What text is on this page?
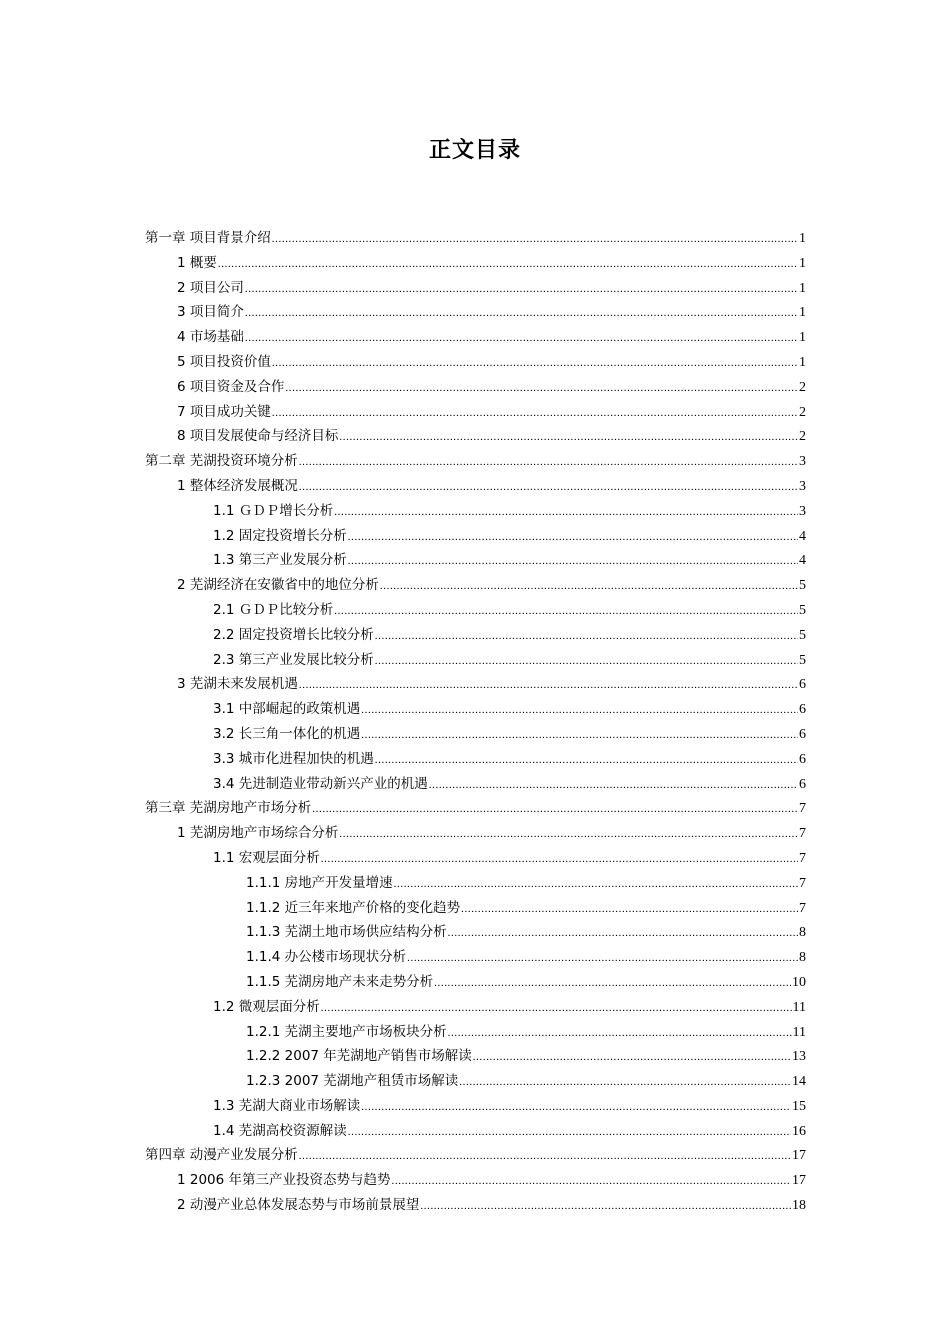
正文目录
第一章 项目背景介绍 .....	1
1 概要 .....	1
2 项目公司 .....	1
3 项目简介 .....	1
4 市场基础 .....	1
5 项目投资价值 .....	1
6 项目资金及合作 .....	2
7 项目成功关键 .....	2
8 项目发展使命与经济目标 .....	2
第二章 芜湖投资环境分析 .....	3
1 整体经济发展概况 .....	3
1.1 ＧＤＰ增长分析 .....	3
1.2 固定投资增长分析 .....	4
1.3 第三产业发展分析 .....	4
2 芜湖经济在安徽省中的地位分析 .....	5
2.1 ＧＤＰ比较分析 .....	5
2.2 固定投资增长比较分析 .....	5
2.3 第三产业发展比较分析 .....	5
3 芜湖未来发展机遇 .....	6
3.1 中部崛起的政策机遇 .....	6
3.2 长三角一体化的机遇 .....	6
3.3 城市化进程加快的机遇 .....	6
3.4 先进制造业带动新兴产业的机遇 .....	6
第三章 芜湖房地产市场分析 .....	7
1 芜湖房地产市场综合分析 .....	7
1.1 宏观层面分析 .....	7
1.1.1 房地产开发量增速 .....	7
1.1.2 近三年来地产价格的变化趋势 .....	7
1.1.3 芜湖土地市场供应结构分析 .....	8
1.1.4 办公楼市场现状分析 .....	8
1.1.5 芜湖房地产未来走势分析 .....	10
1.2 微观层面分析 .....	11
1.2.1 芜湖主要地产市场板块分析 .....	11
1.2.2 2007 年芜湖地产销售市场解读 .....	13
1.2.3 2007 芜湖地产租赁市场解读 .....	14
1.3 芜湖大商业市场解读 .....	15
1.4 芜湖高校资源解读 .....	16
第四章 动漫产业发展分析 .....	17
1 2006 年第三产业投资态势与趋势 .....	17
2 动漫产业总体发展态势与市场前景展望 .....	18
